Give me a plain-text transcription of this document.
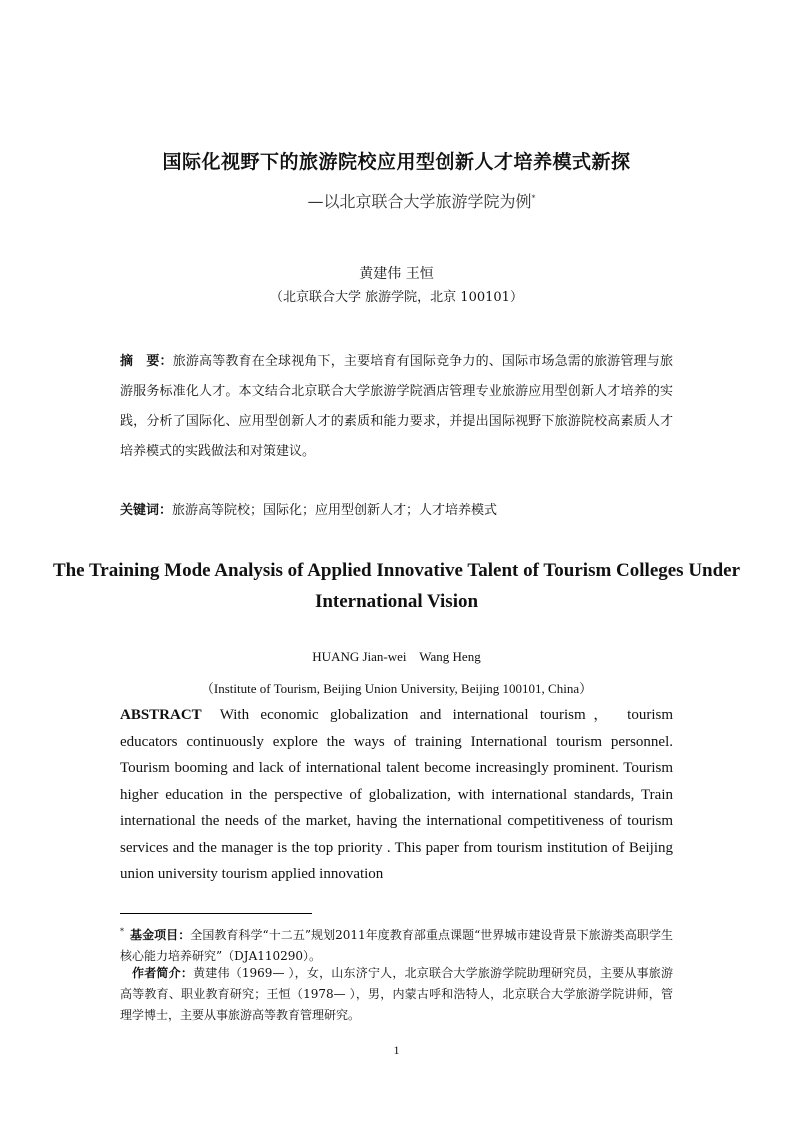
国际化视野下的旅游院校应用型创新人才培养模式新探
—以北京联合大学旅游学院为例*
黄建伟 王恒
（北京联合大学 旅游学院，北京 100101）
摘　要：旅游高等教育在全球视角下，主要培育有国际竞争力的、国际市场急需的旅游管理与旅游服务标准化人才。本文结合北京联合大学旅游学院酒店管理专业旅游应用型创新人才培养的实践，分析了国际化、应用型创新人才的素质和能力要求，并提出国际视野下旅游院校高素质人才培养模式的实践做法和对策建议。
关键词：旅游高等院校；国际化；应用型创新人才；人才培养模式
The Training Mode Analysis of Applied Innovative Talent of Tourism Colleges Under International Vision
HUANG Jian-wei    Wang Heng
（Institute of Tourism, Beijing Union University, Beijing 100101, China）
ABSTRACT With economic globalization and international tourism， tourism educators continuously explore the ways of training International tourism personnel. Tourism booming and lack of international talent become increasingly prominent. Tourism higher education in the perspective of globalization, with international standards, Train international the needs of the market, having the international competitiveness of tourism services and the manager is the top priority . This paper from tourism institution of Beijing union university tourism applied innovation
* 基金项目：全国教育科学“十二五”规划2011年度教育部重点课题“世界城市建设背景下旅游类高职学生核心能力培养研究”（DJA110290）。
作者简介：黄建伟（1969— ），女，山东济宁人，北京联合大学旅游学院助理研究员，主要从事旅游高等教育、职业教育研究；王恒（1978— ），男，内蒙古呼和浩特人，北京联合大学旅游学院讲师，管理学博士，主要从事旅游高等教育管理研究。
1
